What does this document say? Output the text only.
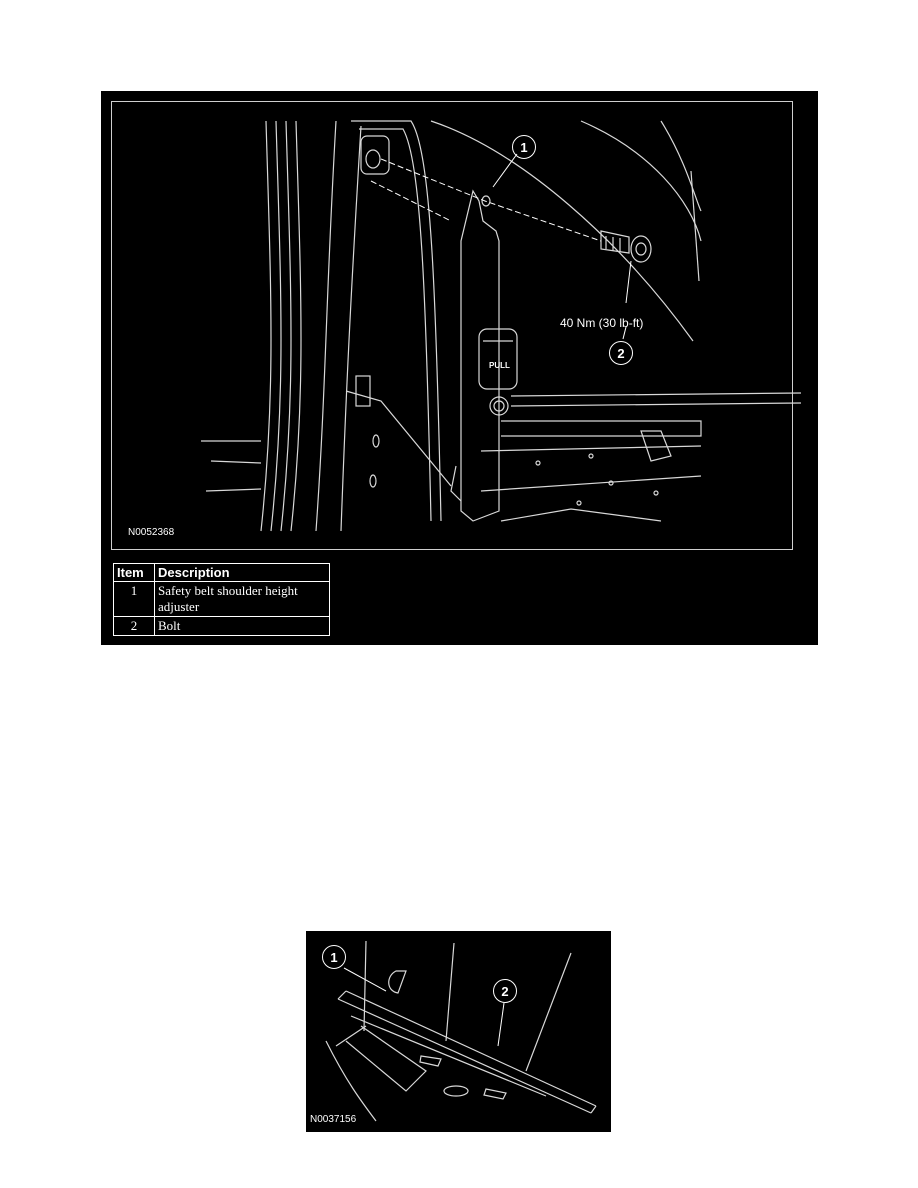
PULL
1
40 Nm (30 lb-ft)
2
N0052368
Item	Description
1	Safety belt shoulder height adjuster
2	Bolt
1
2
N0037156
